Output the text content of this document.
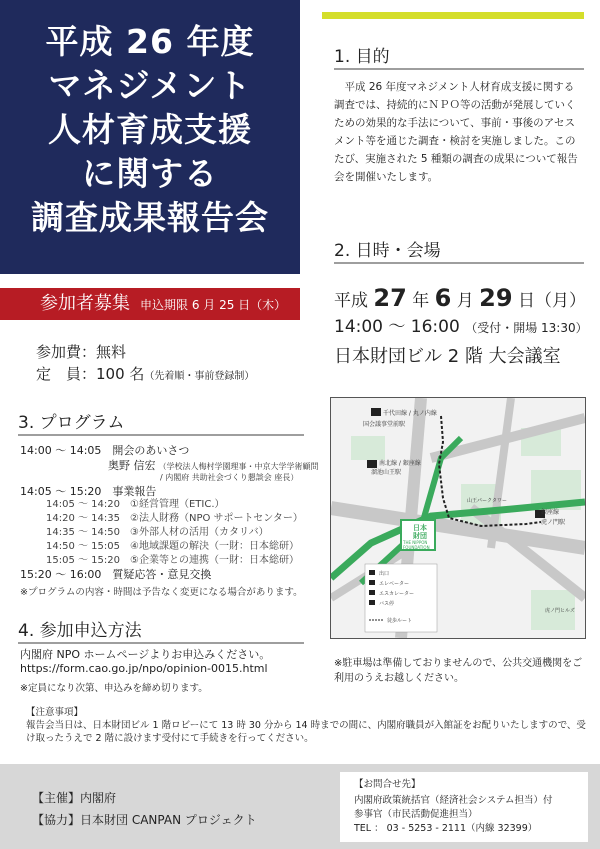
平成 26 年度
マネジメント
人材育成支援
に関する
調査成果報告会
参加者募集 申込期限 6 月 25 日（木）
参加費：無料
定　員：100 名（先着順・事前登録制）
3. プログラム
14:00 〜 14:05　 開会のあいさつ
奥野 信宏 （学校法人梅村学園理事・中京大学学術顧問
/ 内閣府 共助社会づくり懇談会 座長）
14:05 〜 15:20　 事業報告
14:05 〜 14:20　 ①経営管理（ETIC.）
14:20 〜 14:35　 ②法人財務（NPO サポートセンター）
14:35 〜 14:50　 ③外部人材の活用（カタリバ）
14:50 〜 15:05　 ④地域課題の解決（一財：日本総研）
15:05 〜 15:20　 ⑤企業等との連携（一財：日本総研）
15:20 〜 16:00　 質疑応答・意見交換
※プログラムの内容・時間は予告なく変更になる場合があります。
4. 参加申込方法
内閣府 NPO ホームページよりお申込みください。
https://form.cao.go.jp/npo/opinion-0015.html
※定員になり次第、申込みを締め切ります。
1. 目的
平成 26 年度マネジメント人材育成支援に関する調査では、持続的にＮＰＯ等の活動が発展していくための効果的な手法について、事前・事後のアセスメント等を通じた調査・検討を実施しました。このたび、実施された 5 種類の調査の成果について報告会を開催いたします。
2. 日時・会場
平成 27 年 6 月 29 日（月）
14:00 〜 16:00 （受付・開場 13:30）
日本財団ビル 2 階 大会議室
千代田線 / 丸ノ内線
国会議事堂前駅
南北線 / 銀座線
溜池山王駅
銀座線
虎ノ門駅
山王パークタワー
虎ノ門ヒルズ
日本
財団
THE NIPPON
FOUNDATION
出口
エレベーター
エスカレーター
バス停
徒歩ルート
※駐車場は準備しておりませんので、公共交通機関をご利用のうえお越しください。
【注意事項】
報告会当日は、日本財団ビル 1 階ロビーにて 13 時 30 分から 14 時までの間に、内閣府職員が入館証をお配りいたしますので、受け取ったうえで 2 階に設けます受付にて手続きを行ってください。
【主催】内閣府
【協力】日本財団 CANPAN プロジェクト
【お問合せ先】
内閣府政策統括官（経済社会システム担当）付
参事官（市民活動促進担当）
TEL ： 03 - 5253 - 2111（内線 32399）
